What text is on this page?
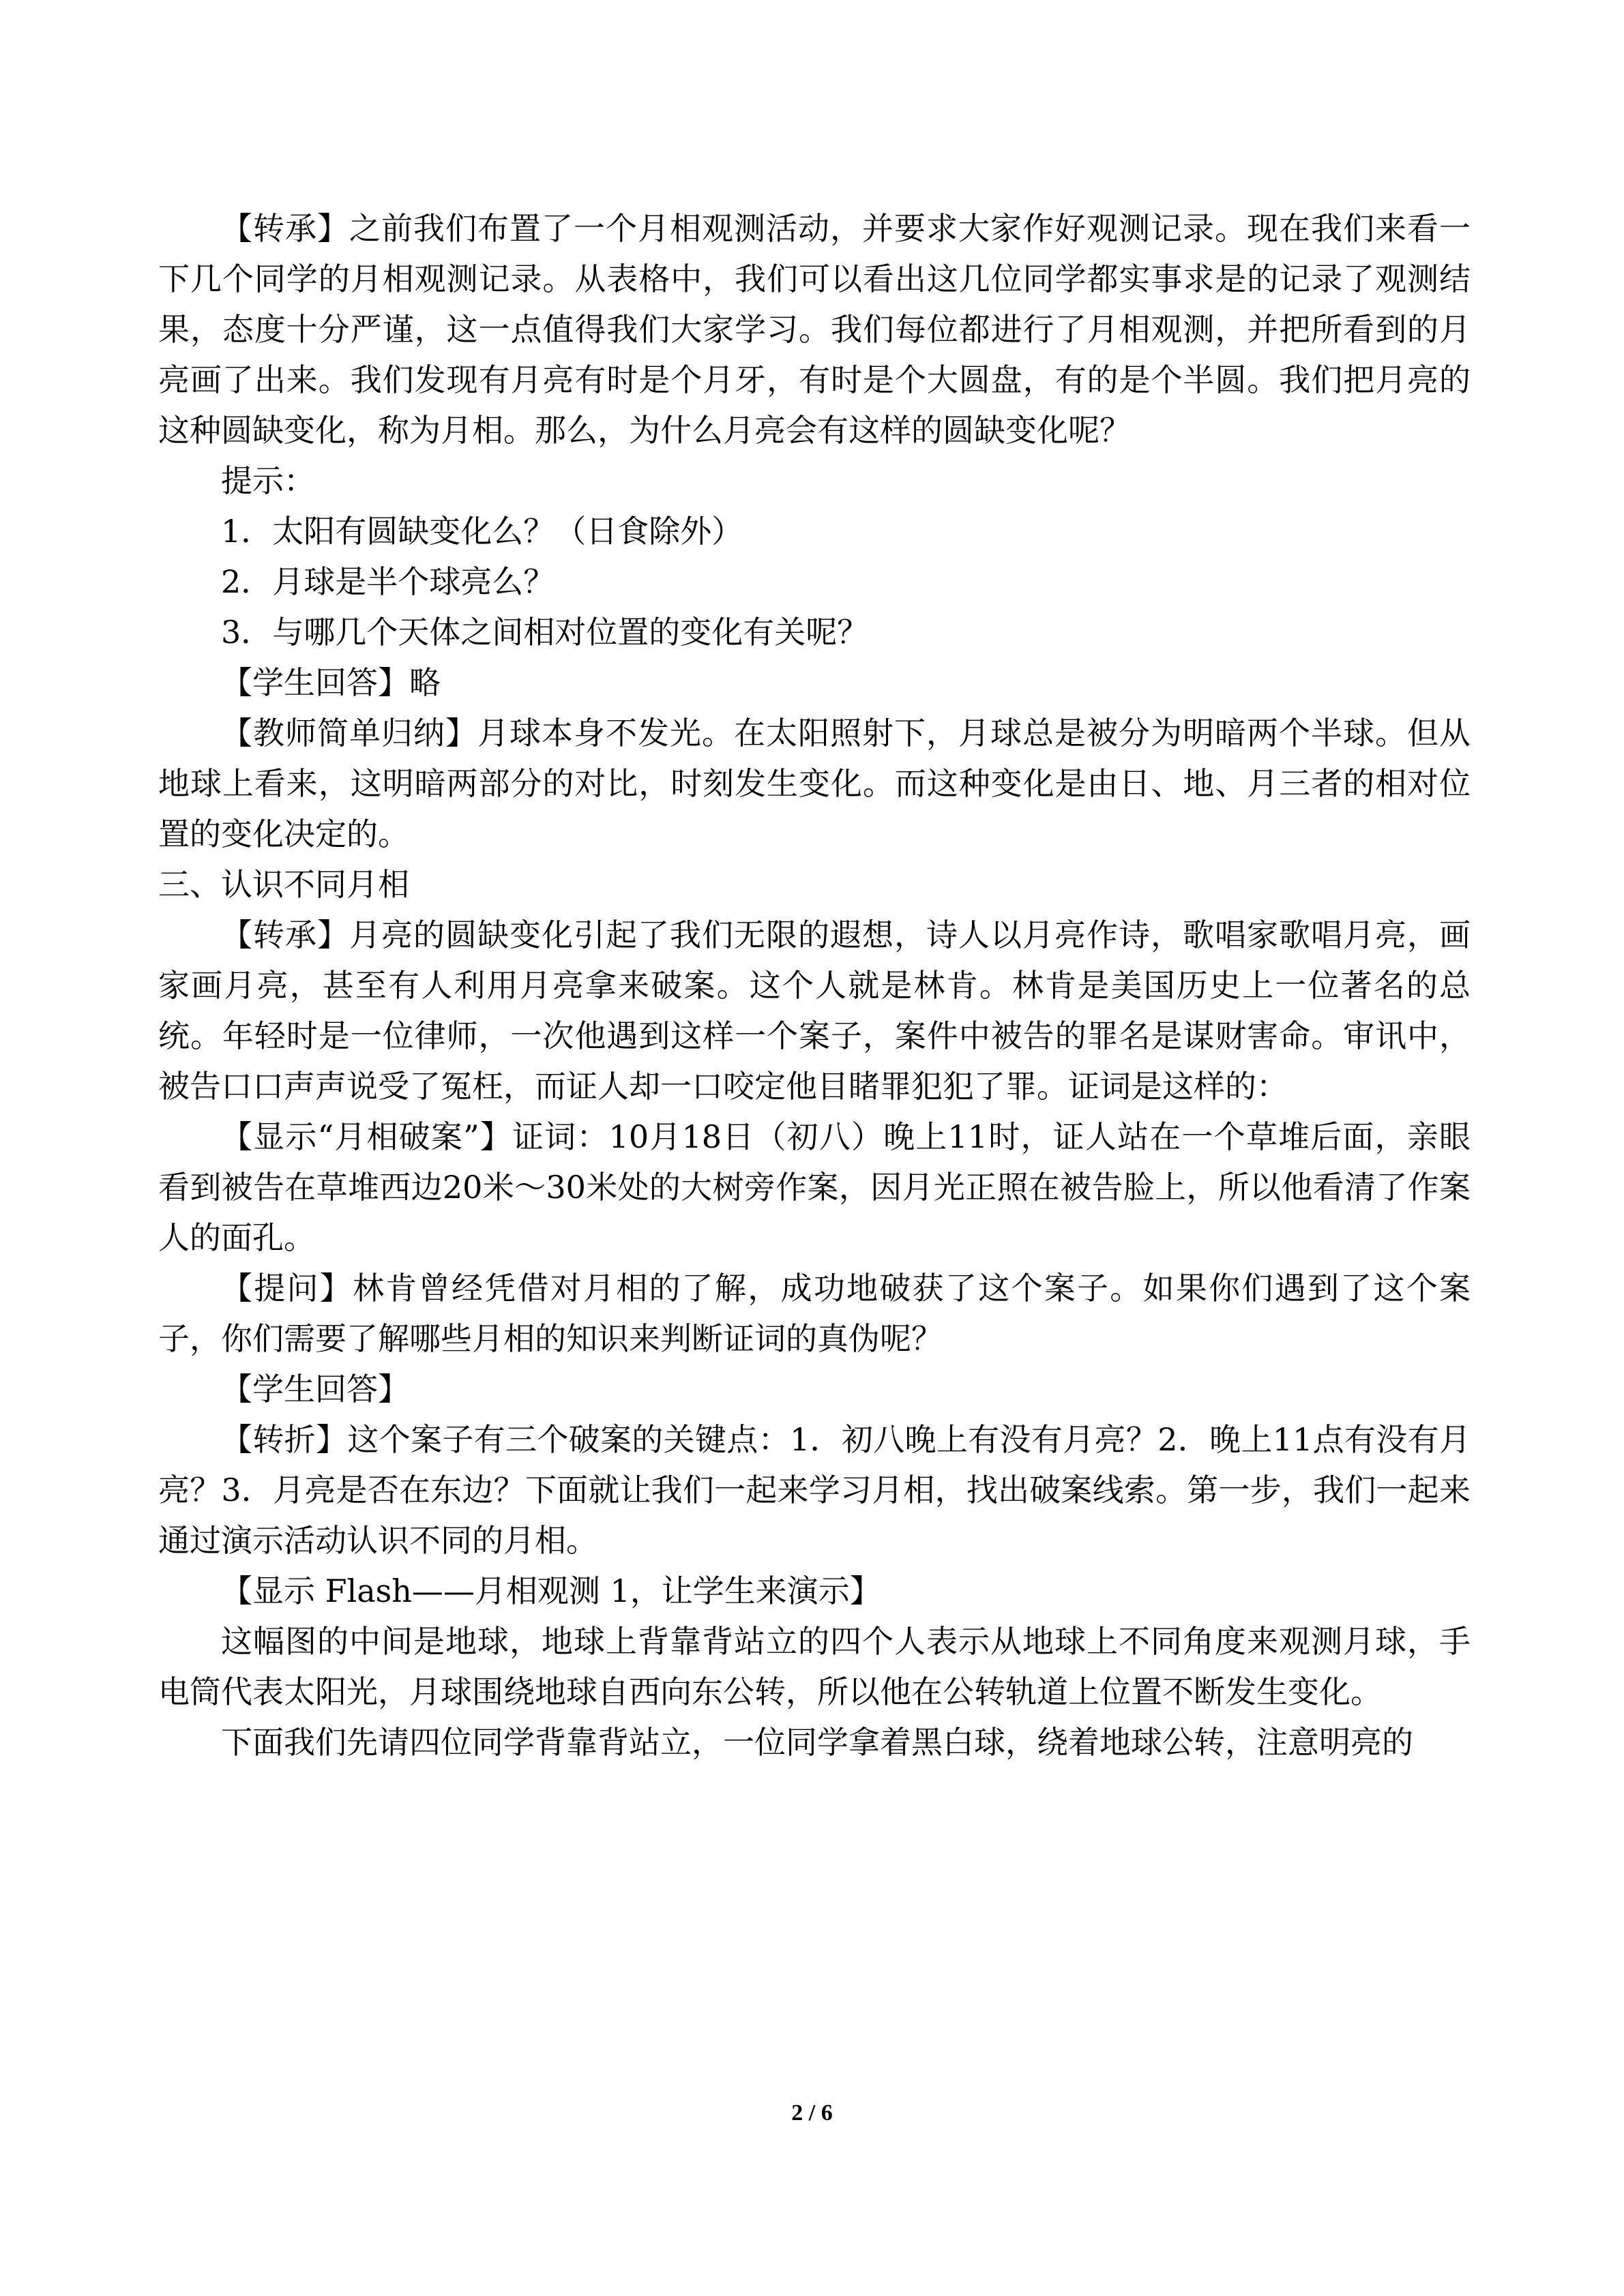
【转承】之前我们布置了一个月相观测活动，并要求大家作好观测记录。现在我们来看一下几个同学的月相观测记录。从表格中，我们可以看出这几位同学都实事求是的记录了观测结果，态度十分严谨，这一点值得我们大家学习。我们每位都进行了月相观测，并把所看到的月亮画了出来。我们发现有月亮有时是个月牙，有时是个大圆盘，有的是个半圆。我们把月亮的这种圆缺变化，称为月相。那么，为什么月亮会有这样的圆缺变化呢？

提示：

1．太阳有圆缺变化么？（日食除外）

2．月球是半个球亮么？

3．与哪几个天体之间相对位置的变化有关呢？

【学生回答】略

【教师简单归纳】月球本身不发光。在太阳照射下，月球总是被分为明暗两个半球。但从地球上看来，这明暗两部分的对比，时刻发生变化。而这种变化是由日、地、月三者的相对位置的变化决定的。

三、认识不同月相

【转承】月亮的圆缺变化引起了我们无限的遐想，诗人以月亮作诗，歌唱家歌唱月亮，画家画月亮，甚至有人利用月亮拿来破案。这个人就是林肯。林肯是美国历史上一位著名的总统。年轻时是一位律师，一次他遇到这样一个案子，案件中被告的罪名是谋财害命。审讯中，被告口口声声说受了冤枉，而证人却一口咬定他目睹罪犯犯了罪。证词是这样的：

【显示“月相破案”】证词：10月18日（初八）晚上11时，证人站在一个草堆后面，亲眼看到被告在草堆西边20米～30米处的大树旁作案，因月光正照在被告脸上，所以他看清了作案人的面孔。

【提问】林肯曾经凭借对月相的了解，成功地破获了这个案子。如果你们遇到了这个案子，你们需要了解哪些月相的知识来判断证词的真伪呢？

【学生回答】

【转折】这个案子有三个破案的关键点：1．初八晚上有没有月亮？2．晚上11点有没有月亮？3．月亮是否在东边？下面就让我们一起来学习月相，找出破案线索。第一步，我们一起来通过演示活动认识不同的月相。

【显示 Flash——月相观测 1，让学生来演示】

这幅图的中间是地球，地球上背靠背站立的四个人表示从地球上不同角度来观测月球，手电筒代表太阳光，月球围绕地球自西向东公转，所以他在公转轨道上位置不断发生变化。

下面我们先请四位同学背靠背站立，一位同学拿着黑白球，绕着地球公转，注意明亮的

2 / 6
